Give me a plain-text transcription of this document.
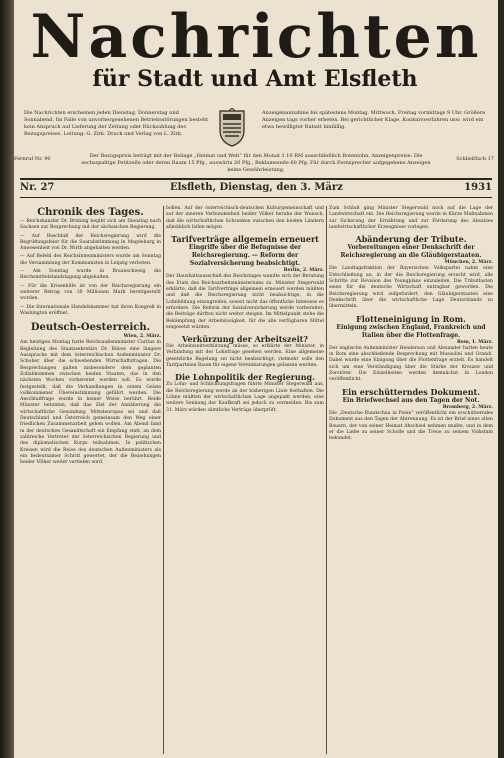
Nachrichten
für Stadt und Amt Elsfleth
Die Nachrichten erscheinen jeden Dienstag, Donnerstag und Sonnabend. Im Falle von unvorhergesehenen Betriebsstörungen besteht kein Anspruch auf Lieferung der Zeitung oder Rückzahlung des Bezugspreises. Leitung: G. Zirk. Druck und Verlag von L. Zirk.
Anzeigenannahme bis spätestens Montag, Mittwoch, Freitag vormittags 9 Uhr. Größere Anzeigen tags vorher erbeten. Bei gerichtlicher Klage, Konkursverfahren usw. wird ein etwa bewilligter Rabatt hinfällig.
Fernruf Nr. 90	Schließfach 17
Der Bezugspreis beträgt mit der Beilage „Heimat und Welt“ für den Monat 1.10 RM ausschließlich Botenlohn. Anzeigenpreise: Die sechsspaltige Petitzeile oder deren Raum 15 Pfg., auswärts 20 Pfg., Reklamezeile 60 Pfg. Für durch Fernsprecher aufgegebene Anzeigen keine Gewährleistung.
Nr. 27	Elsfleth, Dienstag, den 3. März	1931
Chronik des Tages.

— Reichskanzler Dr. Brüning begibt sich am Dienstag nach Sachsen zur Besprechung mit der sächsischen Regierung.

— Auf Beschluß der Reichsregierung wird die Begrüßungsfeier für die Saarabstimmung in Magdeburg in Anwesenheit von Dr. Wirth abgehalten werden.

— Auf Befehl des Reichsinnenministers wurde am Sonntag die Versammlung der Kommunisten in Leipzig verboten.

— Am Sonntag wurde in Braunschweig die Reichsmittelstandstagung abgehalten.

— Für die Krisenhilfe ist von der Reichsregierung ein weiterer Betrag von 30 Millionen Mark bereitgestellt worden.

— Die Internationale Handelskammer hat ihren Kongreß in Washington eröffnet.

Deutsch-Oesterreich.
Wien, 2. März.

Am heutigen Montag hatte Reichsaußenminister Curtius in Begleitung des Staatssekretärs Dr. Bülow eine längere Aussprache mit dem österreichischen Außenminister Dr. Schober über die schwebenden Wirtschaftsfragen. Die Besprechungen galten insbesondere dem geplanten Zollabkommen zwischen beiden Staaten, das in den nächsten Wochen vorbereitet werden soll. Es wurde festgestellt, daß die Verhandlungen in einem Geiste vollkommener Übereinstimmung geführt werden. Die Anschlußfrage wurde in keiner Weise berührt. Beide Minister betonten, daß das Ziel der Annäherung die wirtschaftliche Gesundung Mitteleuropas sei und daß Deutschland und Österreich gemeinsam den Weg einer friedlichen Zusammenarbeit gehen wollen. Am Abend fand in der deutschen Gesandtschaft ein Empfang statt, an dem zahlreiche Vertreter der österreichischen Regierung und des diplomatischen Korps teilnahmen. In politischen Kreisen wird die Reise des deutschen Außenministers als ein bedeutsamer Schritt gewertet, der die Beziehungen beider Völker weiter vertiefen wird.

bollen. Auf der österreichisch-deutschen Kulturgemeinschaft und auf der inneren Verbundenheit beider Völker beruhe der Wunsch, daß die wirtschaftlichen Schranken zwischen den beiden Ländern allmählich fallen mögen.

Tarifverträge allgemein erneuert
Eingriffe über die Befugnisse der Reichsregierung. — Reform der Sozialversicherung beabsichtigt.
Berlin, 2. März.

Der Haushaltsausschuß des Reichstages wandte sich der Beratung des Etats des Reichsarbeitsministeriums zu. Minister Stegerwald erklärte, daß die Tarifverträge allgemein erneuert werden müßten und daß die Reichsregierung nicht beabsichtige, in die Lohnbildung einzugreifen, soweit nicht das öffentliche Interesse es erfordere. Die Reform der Sozialversicherung werde vorbereitet; die Beiträge dürften nicht weiter steigen. Im Mittelpunkt stehe die Bekämpfung der Arbeitslosigkeit, für die alle verfügbaren Mittel eingesetzt würden.

Verkürzung der Arbeitszeit?

Die Arbeitszeitverkürzung müsse, so erklärte der Minister, in Verbindung mit der Lohnfrage gesehen werden. Eine allgemeine gesetzliche Regelung sei nicht beabsichtigt; vielmehr solle den Tarifparteien Raum für eigene Vereinbarungen gelassen werden.

Die Lohnpolitik der Regierung.

Zu Lohn- und Schlichtungsfragen führte Minister Stegerwald aus, die Reichsregierung werde an der bisherigen Linie festhalten. Die Löhne müßten der wirtschaftlichen Lage angepaßt werden, eine weitere Senkung der Kaufkraft sei jedoch zu vermeiden. Bis zum 31. März würden sämtliche Verträge überprüft.

Zum Schluß ging Minister Stegerwald noch auf die Lage der Landwirtschaft ein. Die Reichsregierung werde in Kürze Maßnahmen zur Sicherung der Ernährung und zur Förderung des Absatzes landwirtschaftlicher Erzeugnisse vorlegen.

Abänderung der Tribute.
Vorbereitungen einer Denkschrift der Reichsregierung an die Gläubigerstaaten.
München, 2. März.

Die Landtagsfraktion der Bayerischen Volkspartei nahm eine Entschließung an, in der die Reichsregierung ersucht wird, alle Schritte zur Revision des Youngplans einzuleiten. Die Tributlasten seien für die deutsche Wirtschaft untragbar geworden. Die Reichsregierung wird aufgefordert, den Gläubigerstaaten eine Denkschrift über die wirtschaftliche Lage Deutschlands zu übermitteln.

Flotteneinigung in Rom.
Einigung zwischen England, Frankreich und Italien über die Flottenfrage.
Rom, 1. März.

Der englische Außenminister Henderson und Alexander hatten heute in Rom eine abschließende Besprechung mit Mussolini und Grandi. Dabei wurde eine Einigung über die Flottenfrage erzielt. Es handelt sich um eine Verständigung über die Stärke der Kreuzer und Zerstörer. Die Einzelheiten werden demnächst in London veröffentlicht.

Ein erschütterndes Dokument.
Ein Briefwechsel aus den Tagen der Not.
Bromberg, 2. März.

Die „Deutsche Rundschau in Polen“ veröffentlicht ein erschütterndes Dokument aus den Tagen der Abtrennung. Es ist der Brief eines alten Bauern, der von seiner Heimat Abschied nehmen mußte, und in dem er die Liebe zu seiner Scholle und die Treue zu seinem Volkstum bekundet.
